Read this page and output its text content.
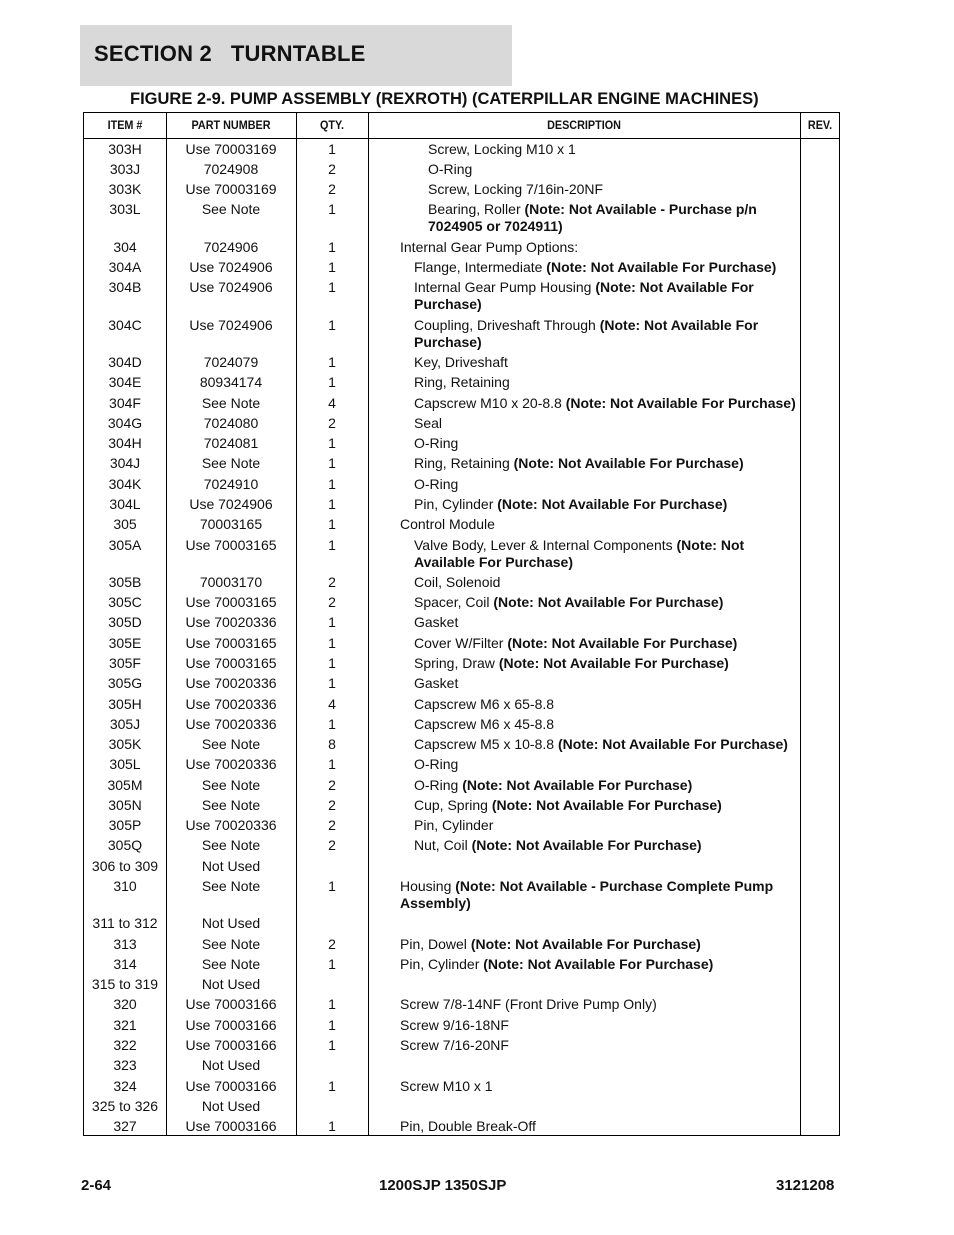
SECTION 2   TURNTABLE
FIGURE 2-9. PUMP ASSEMBLY (REXROTH) (CATERPILLAR ENGINE MACHINES)
ITEM #	PART NUMBER	QTY.	DESCRIPTION	REV.
303H	Use 70003169	1	Screw, Locking M10 x 1
303J	7024908	2	O-Ring
303K	Use 70003169	2	Screw, Locking 7/16in-20NF
303L	See Note	1	Bearing, Roller (Note: Not Available - Purchase p/n 7024905 or 7024911)
304	7024906	1	Internal Gear Pump Options:
304A	Use 7024906	1	Flange, Intermediate (Note: Not Available For Purchase)
304B	Use 7024906	1	Internal Gear Pump Housing (Note: Not Available For Purchase)
304C	Use 7024906	1	Coupling, Driveshaft Through (Note: Not Available For Purchase)
304D	7024079	1	Key, Driveshaft
304E	80934174	1	Ring, Retaining
304F	See Note	4	Capscrew M10 x 20-8.8 (Note: Not Available For Purchase)
304G	7024080	2	Seal
304H	7024081	1	O-Ring
304J	See Note	1	Ring, Retaining (Note: Not Available For Purchase)
304K	7024910	1	O-Ring
304L	Use 7024906	1	Pin, Cylinder (Note: Not Available For Purchase)
305	70003165	1	Control Module
305A	Use 70003165	1	Valve Body, Lever & Internal Components (Note: Not Available For Purchase)
305B	70003170	2	Coil, Solenoid
305C	Use 70003165	2	Spacer, Coil (Note: Not Available For Purchase)
305D	Use 70020336	1	Gasket
305E	Use 70003165	1	Cover W/Filter (Note: Not Available For Purchase)
305F	Use 70003165	1	Spring, Draw (Note: Not Available For Purchase)
305G	Use 70020336	1	Gasket
305H	Use 70020336	4	Capscrew M6 x 65-8.8
305J	Use 70020336	1	Capscrew M6 x 45-8.8
305K	See Note	8	Capscrew M5 x 10-8.8 (Note: Not Available For Purchase)
305L	Use 70020336	1	O-Ring
305M	See Note	2	O-Ring (Note: Not Available For Purchase)
305N	See Note	2	Cup, Spring (Note: Not Available For Purchase)
305P	Use 70020336	2	Pin, Cylinder
305Q	See Note	2	Nut, Coil (Note: Not Available For Purchase)
306 to 309	Not Used
310	See Note	1	Housing (Note: Not Available - Purchase Complete Pump Assembly)
311 to 312	Not Used
313	See Note	2	Pin, Dowel (Note: Not Available For Purchase)
314	See Note	1	Pin, Cylinder (Note: Not Available For Purchase)
315 to 319	Not Used
320	Use 70003166	1	Screw 7/8-14NF (Front Drive Pump Only)
321	Use 70003166	1	Screw 9/16-18NF
322	Use 70003166	1	Screw 7/16-20NF
323	Not Used
324	Use 70003166	1	Screw M10 x 1
325 to 326	Not Used
327	Use 70003166	1	Pin, Double Break-Off
2-64	1200SJP 1350SJP	3121208
